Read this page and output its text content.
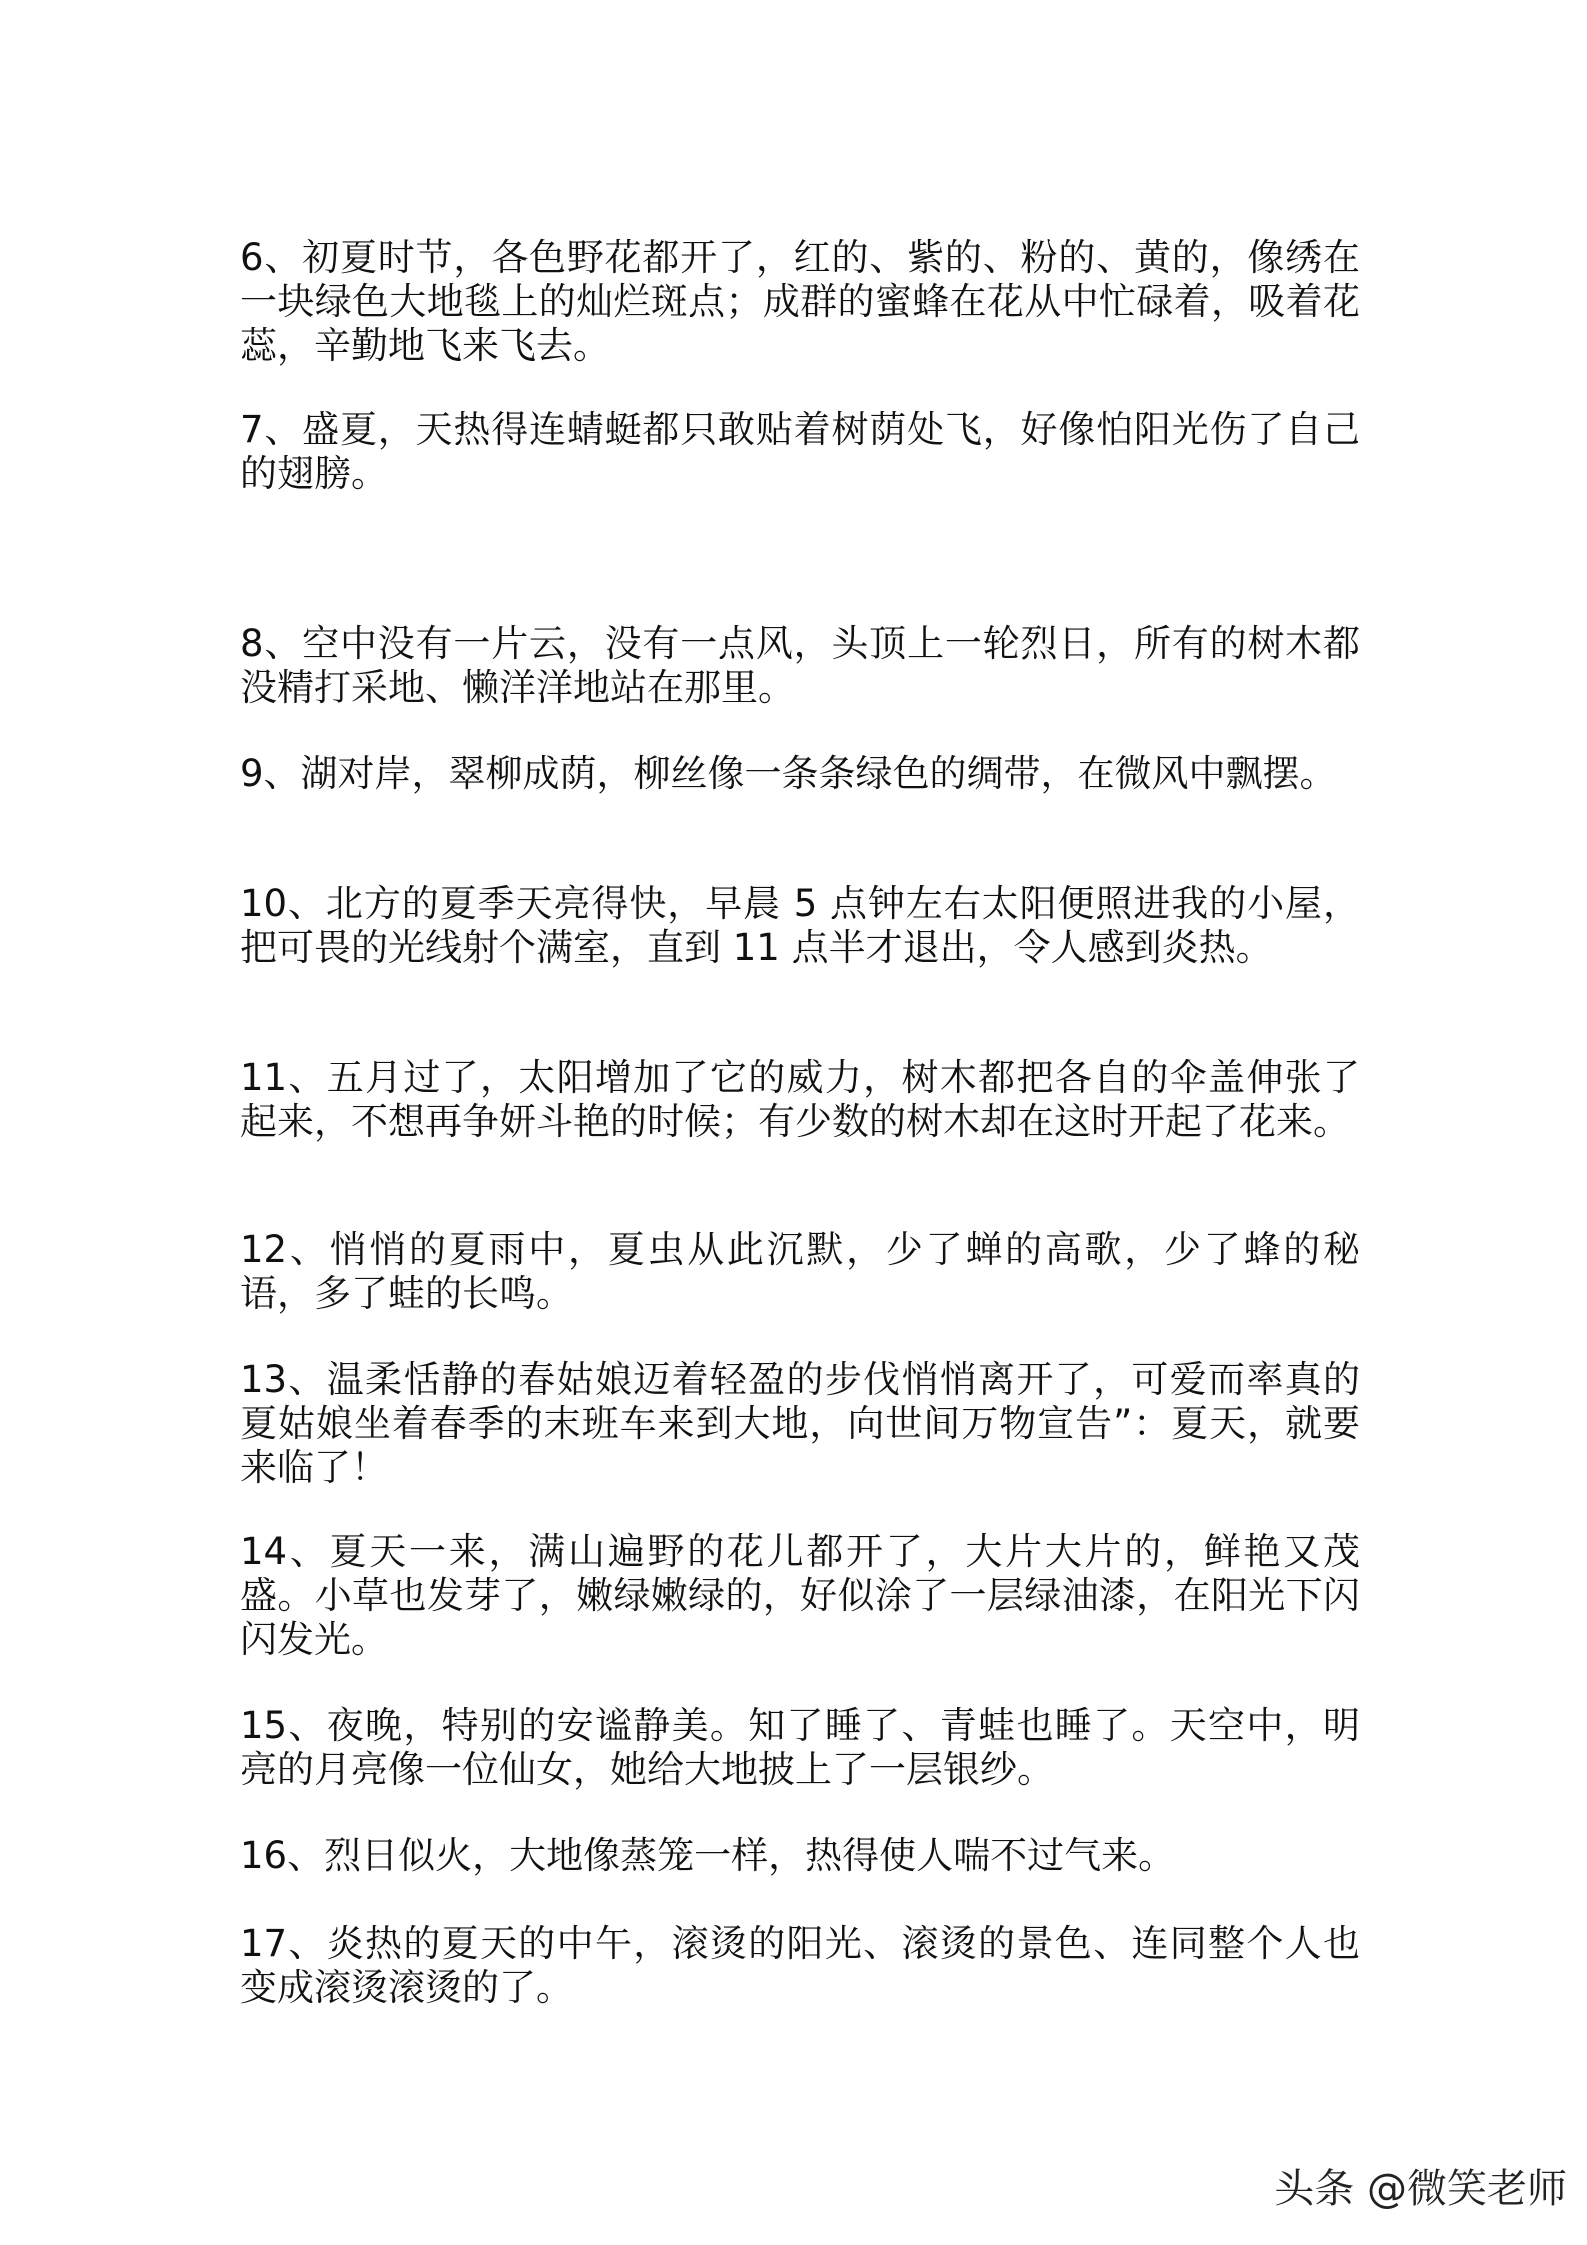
6、初夏时节，各色野花都开了，红的、紫的、粉的、黄的，像绣在一块绿色大地毯上的灿烂斑点；成群的蜜蜂在花从中忙碌着，吸着花蕊，辛勤地飞来飞去。

7、盛夏，天热得连蜻蜓都只敢贴着树荫处飞，好像怕阳光伤了自己的翅膀。

8、空中没有一片云，没有一点风，头顶上一轮烈日，所有的树木都没精打采地、懒洋洋地站在那里。

9、湖对岸，翠柳成荫，柳丝像一条条绿色的绸带，在微风中飘摆。

10、北方的夏季天亮得快，早晨 5 点钟左右太阳便照进我的小屋，把可畏的光线射个满室，直到 11 点半才退出，令人感到炎热。

11、五月过了，太阳增加了它的威力，树木都把各自的伞盖伸张了起来，不想再争妍斗艳的时候；有少数的树木却在这时开起了花来。

12、悄悄的夏雨中，夏虫从此沉默，少了蝉的高歌，少了蜂的秘语，多了蛙的长鸣。

13、温柔恬静的春姑娘迈着轻盈的步伐悄悄离开了，可爱而率真的夏姑娘坐着春季的末班车来到大地，向世间万物宣告”：夏天，就要来临了！

14、夏天一来，满山遍野的花儿都开了，大片大片的，鲜艳又茂盛。小草也发芽了，嫩绿嫩绿的，好似涂了一层绿油漆，在阳光下闪闪发光。

15、夜晚，特别的安谧静美。知了睡了、青蛙也睡了。天空中，明亮的月亮像一位仙女，她给大地披上了一层银纱。

16、烈日似火，大地像蒸笼一样，热得使人喘不过气来。

17、炎热的夏天的中午，滚烫的阳光、滚烫的景色、连同整个人也变成滚烫滚烫的了。

头条 @微笑老师
